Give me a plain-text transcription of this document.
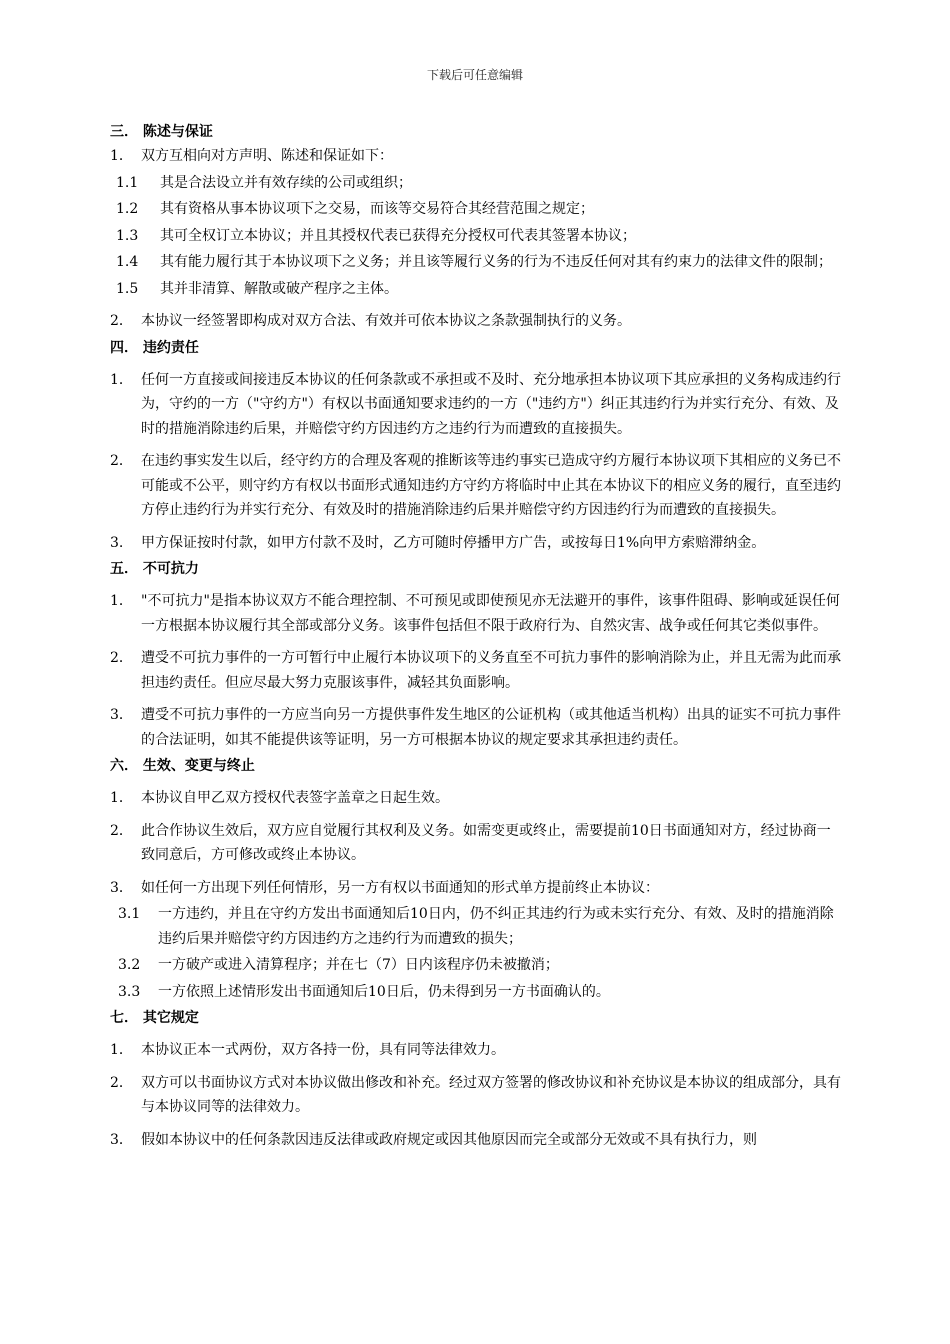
下载后可任意编辑

三． 陈述与保证

1． 双方互相向对方声明、陈述和保证如下：
1.1	其是合法设立并有效存续的公司或组织；
1.2	其有资格从事本协议项下之交易，而该等交易符合其经营范围之规定；
1.3	其可全权订立本协议；并且其授权代表已获得充分授权可代表其签署本协议；
1.4	其有能力履行其于本协议项下之义务；并且该等履行义务的行为不违反任何对其有约束力的法律文件的限制；
1.5	其并非清算、解散或破产程序之主体。
2． 本协议一经签署即构成对双方合法、有效并可依本协议之条款强制执行的义务。

四． 违约责任

1． 任何一方直接或间接违反本协议的任何条款或不承担或不及时、充分地承担本协议项下其应承担的义务构成违约行为，守约的一方（"守约方"）有权以书面通知要求违约的一方（"违约方"）纠正其违约行为并实行充分、有效、及时的措施消除违约后果，并赔偿守约方因违约方之违约行为而遭致的直接损失。
2． 在违约事实发生以后，经守约方的合理及客观的推断该等违约事实已造成守约方履行本协议项下其相应的义务已不可能或不公平，则守约方有权以书面形式通知违约方守约方将临时中止其在本协议下的相应义务的履行，直至违约方停止违约行为并实行充分、有效及时的措施消除违约后果并赔偿守约方因违约行为而遭致的直接损失。
3.	甲方保证按时付款，如甲方付款不及时，乙方可随时停播甲方广告，或按每日1%向甲方索赔滞纳金。

五． 不可抗力

1． "不可抗力"是指本协议双方不能合理控制、不可预见或即使预见亦无法避开的事件，该事件阻碍、影响或延误任何一方根据本协议履行其全部或部分义务。该事件包括但不限于政府行为、自然灾害、战争或任何其它类似事件。
2． 遭受不可抗力事件的一方可暂行中止履行本协议项下的义务直至不可抗力事件的影响消除为止，并且无需为此而承担违约责任。但应尽最大努力克服该事件，减轻其负面影响。
3． 遭受不可抗力事件的一方应当向另一方提供事件发生地区的公证机构（或其他适当机构）出具的证实不可抗力事件的合法证明，如其不能提供该等证明，另一方可根据本协议的规定要求其承担违约责任。

六． 生效、变更与终止

1． 本协议自甲乙双方授权代表签字盖章之日起生效。
2． 此合作协议生效后，双方应自觉履行其权利及义务。如需变更或终止，需要提前10日书面通知对方，经过协商一致同意后，方可修改或终止本协议。
3． 如任何一方出现下列任何情形，另一方有权以书面通知的形式单方提前终止本协议：
3.1	一方违约，并且在守约方发出书面通知后10日内，仍不纠正其违约行为或未实行充分、有效、及时的措施消除违约后果并赔偿守约方因违约方之违约行为而遭致的损失；
3.2	一方破产或进入清算程序；并在七（7）日内该程序仍未被撤消；
3.3	一方依照上述情形发出书面通知后10日后，仍未得到另一方书面确认的。

七． 其它规定

1． 本协议正本一式两份，双方各持一份，具有同等法律效力。
2． 双方可以书面协议方式对本协议做出修改和补充。经过双方签署的修改协议和补充协议是本协议的组成部分，具有与本协议同等的法律效力。
3． 假如本协议中的任何条款因违反法律或政府规定或因其他原因而完全或部分无效或不具有执行力，则
